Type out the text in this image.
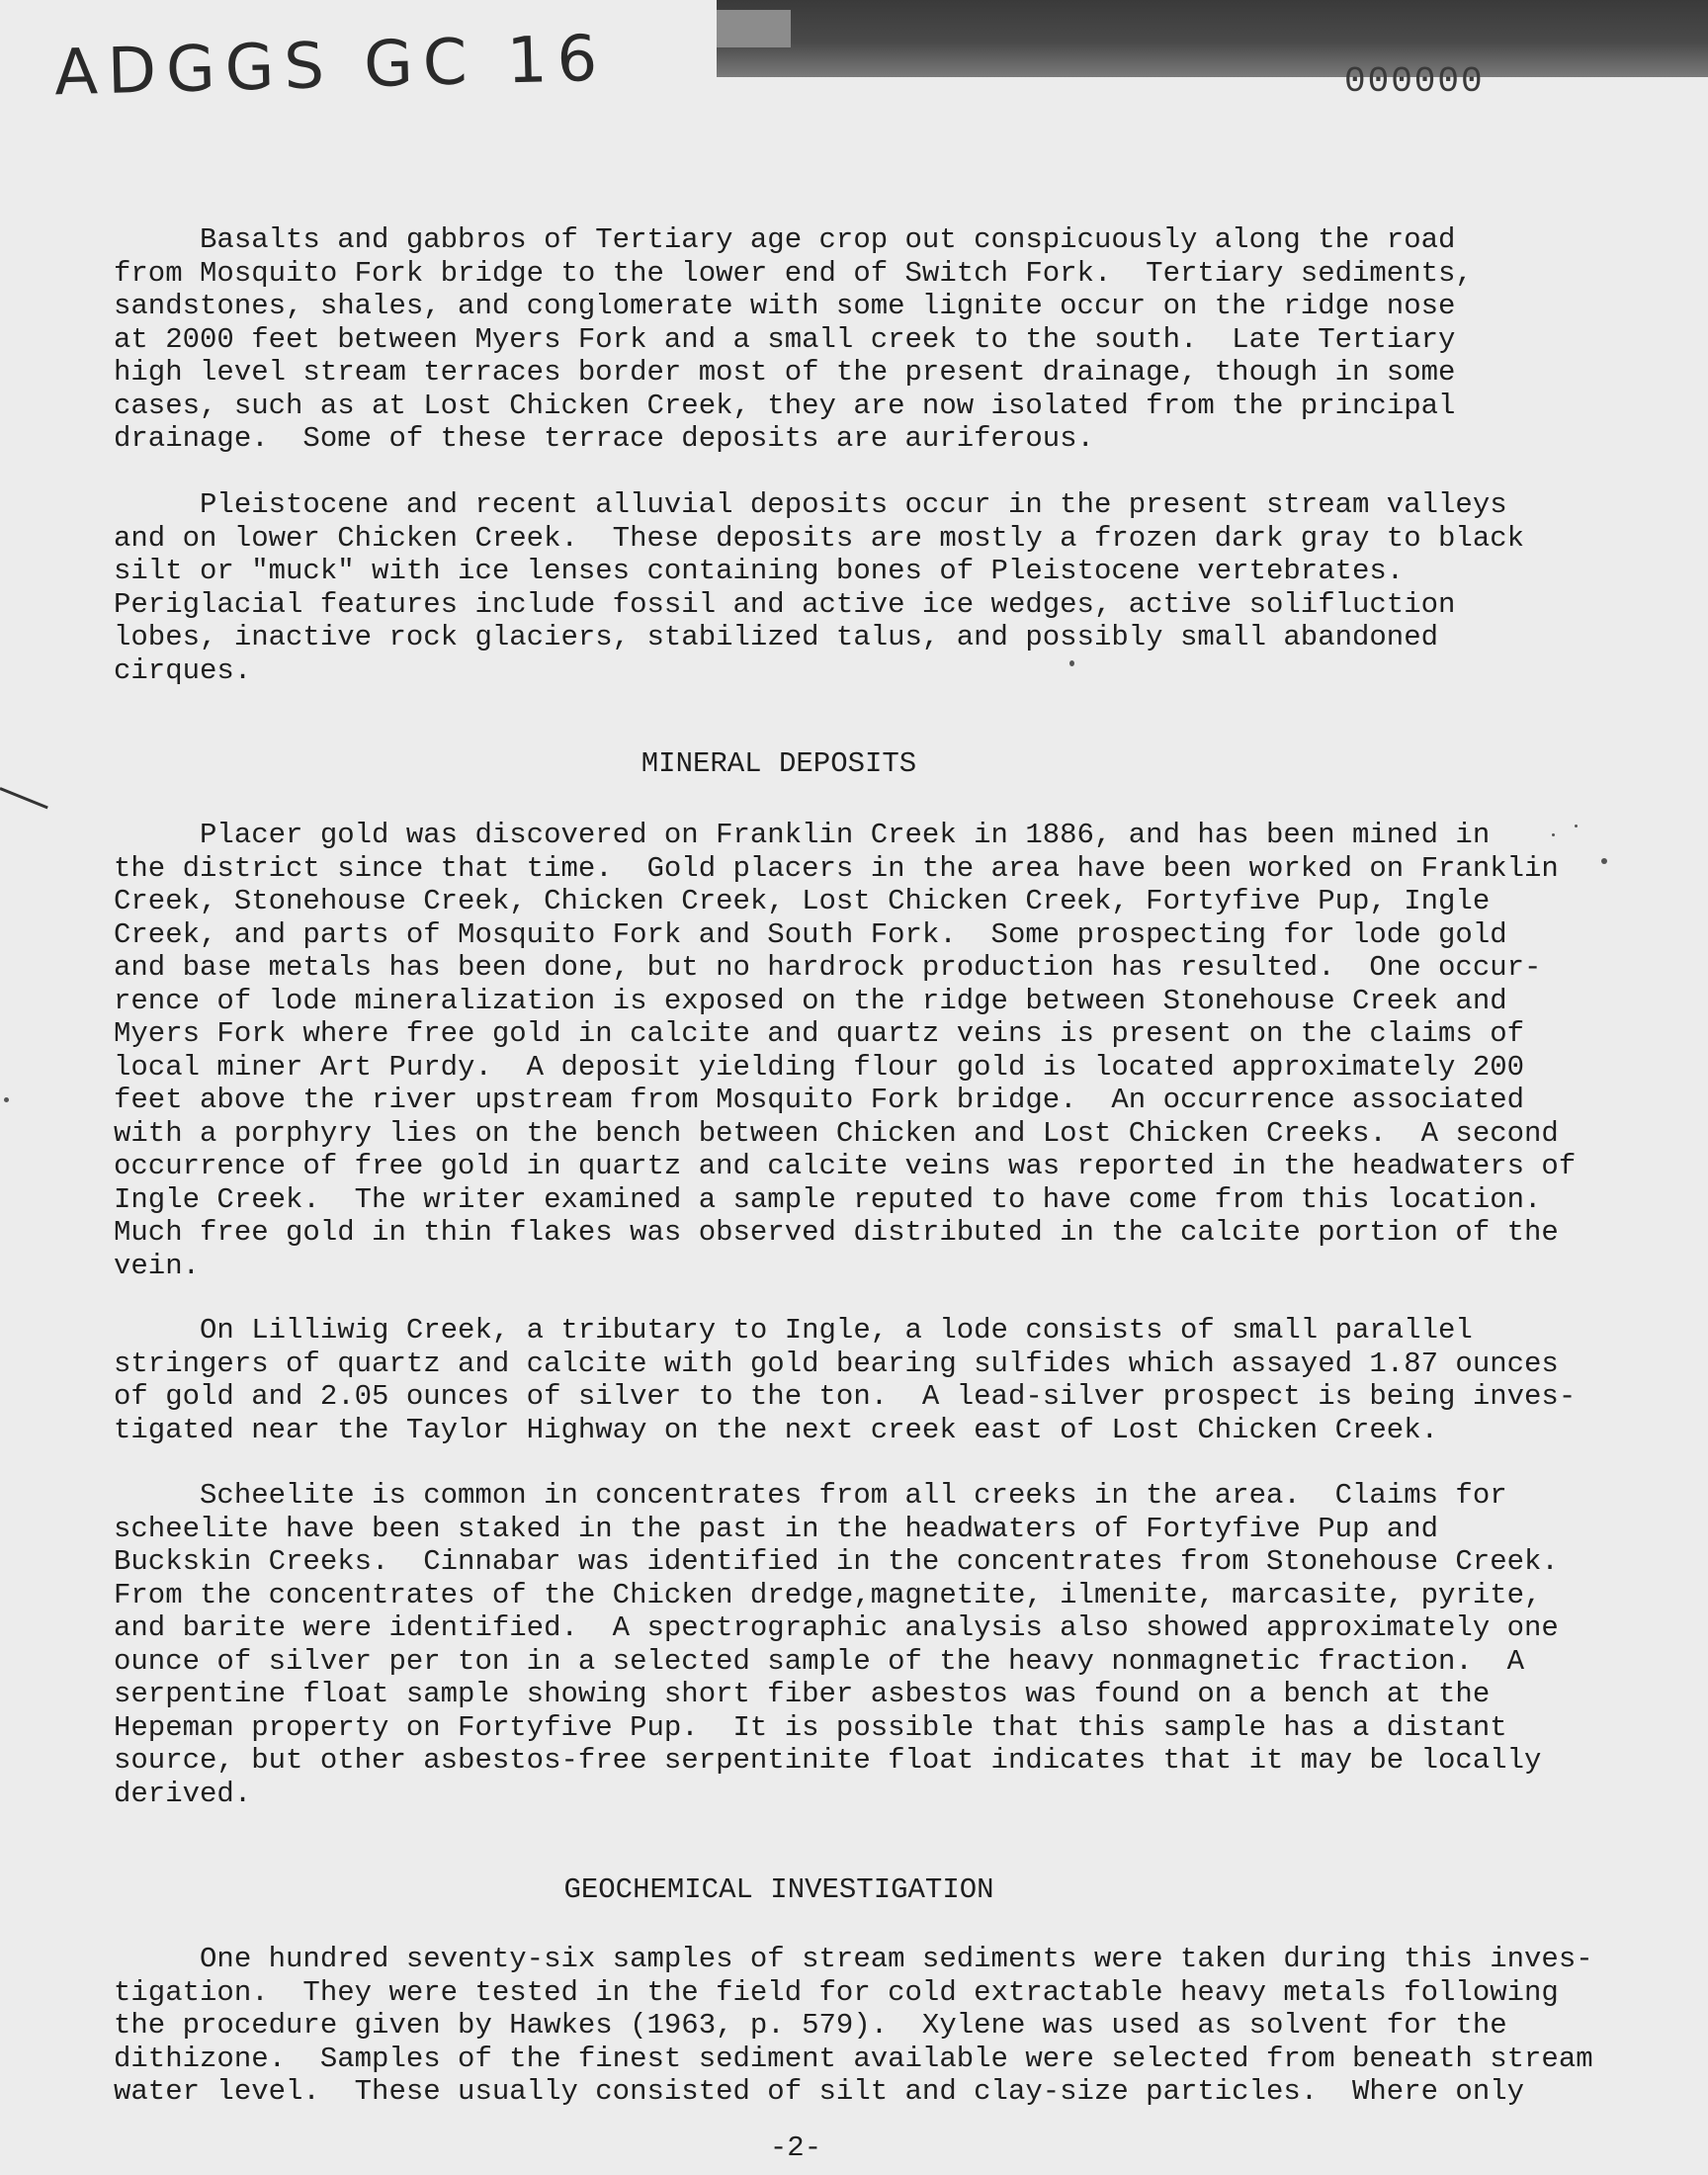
ADGGS GC 16	000000

Basalts and gabbros of Tertiary age crop out conspicuously along the road
from Mosquito Fork bridge to the lower end of Switch Fork.  Tertiary sediments,
sandstones, shales, and conglomerate with some lignite occur on the ridge nose
at 2000 feet between Myers Fork and a small creek to the south.  Late Tertiary
high level stream terraces border most of the present drainage, though in some
cases, such as at Lost Chicken Creek, they are now isolated from the principal
drainage.  Some of these terrace deposits are auriferous.

Pleistocene and recent alluvial deposits occur in the present stream valleys
and on lower Chicken Creek.  These deposits are mostly a frozen dark gray to black
silt or "muck" with ice lenses containing bones of Pleistocene vertebrates.
Periglacial features include fossil and active ice wedges, active solifluction
lobes, inactive rock glaciers, stabilized talus, and possibly small abandoned
cirques.

MINERAL DEPOSITS

Placer gold was discovered on Franklin Creek in 1886, and has been mined in
the district since that time.  Gold placers in the area have been worked on Franklin
Creek, Stonehouse Creek, Chicken Creek, Lost Chicken Creek, Fortyfive Pup, Ingle
Creek, and parts of Mosquito Fork and South Fork.  Some prospecting for lode gold
and base metals has been done, but no hardrock production has resulted.  One occur-
rence of lode mineralization is exposed on the ridge between Stonehouse Creek and
Myers Fork where free gold in calcite and quartz veins is present on the claims of
local miner Art Purdy.  A deposit yielding flour gold is located approximately 200
feet above the river upstream from Mosquito Fork bridge.  An occurrence associated
with a porphyry lies on the bench between Chicken and Lost Chicken Creeks.  A second
occurrence of free gold in quartz and calcite veins was reported in the headwaters of
Ingle Creek.  The writer examined a sample reputed to have come from this location.
Much free gold in thin flakes was observed distributed in the calcite portion of the
vein.

On Lilliwig Creek, a tributary to Ingle, a lode consists of small parallel
stringers of quartz and calcite with gold bearing sulfides which assayed 1.87 ounces
of gold and 2.05 ounces of silver to the ton.  A lead-silver prospect is being inves-
tigated near the Taylor Highway on the next creek east of Lost Chicken Creek.

Scheelite is common in concentrates from all creeks in the area.  Claims for
scheelite have been staked in the past in the headwaters of Fortyfive Pup and
Buckskin Creeks.  Cinnabar was identified in the concentrates from Stonehouse Creek.
From the concentrates of the Chicken dredge,magnetite, ilmenite, marcasite, pyrite,
and barite were identified.  A spectrographic analysis also showed approximately one
ounce of silver per ton in a selected sample of the heavy nonmagnetic fraction.  A
serpentine float sample showing short fiber asbestos was found on a bench at the
Hepeman property on Fortyfive Pup.  It is possible that this sample has a distant
source, but other asbestos-free serpentinite float indicates that it may be locally
derived.

GEOCHEMICAL INVESTIGATION

One hundred seventy-six samples of stream sediments were taken during this inves-
tigation.  They were tested in the field for cold extractable heavy metals following
the procedure given by Hawkes (1963, p. 579).  Xylene was used as solvent for the
dithizone.  Samples of the finest sediment available were selected from beneath stream
water level.  These usually consisted of silt and clay-size particles.  Where only

-2-
